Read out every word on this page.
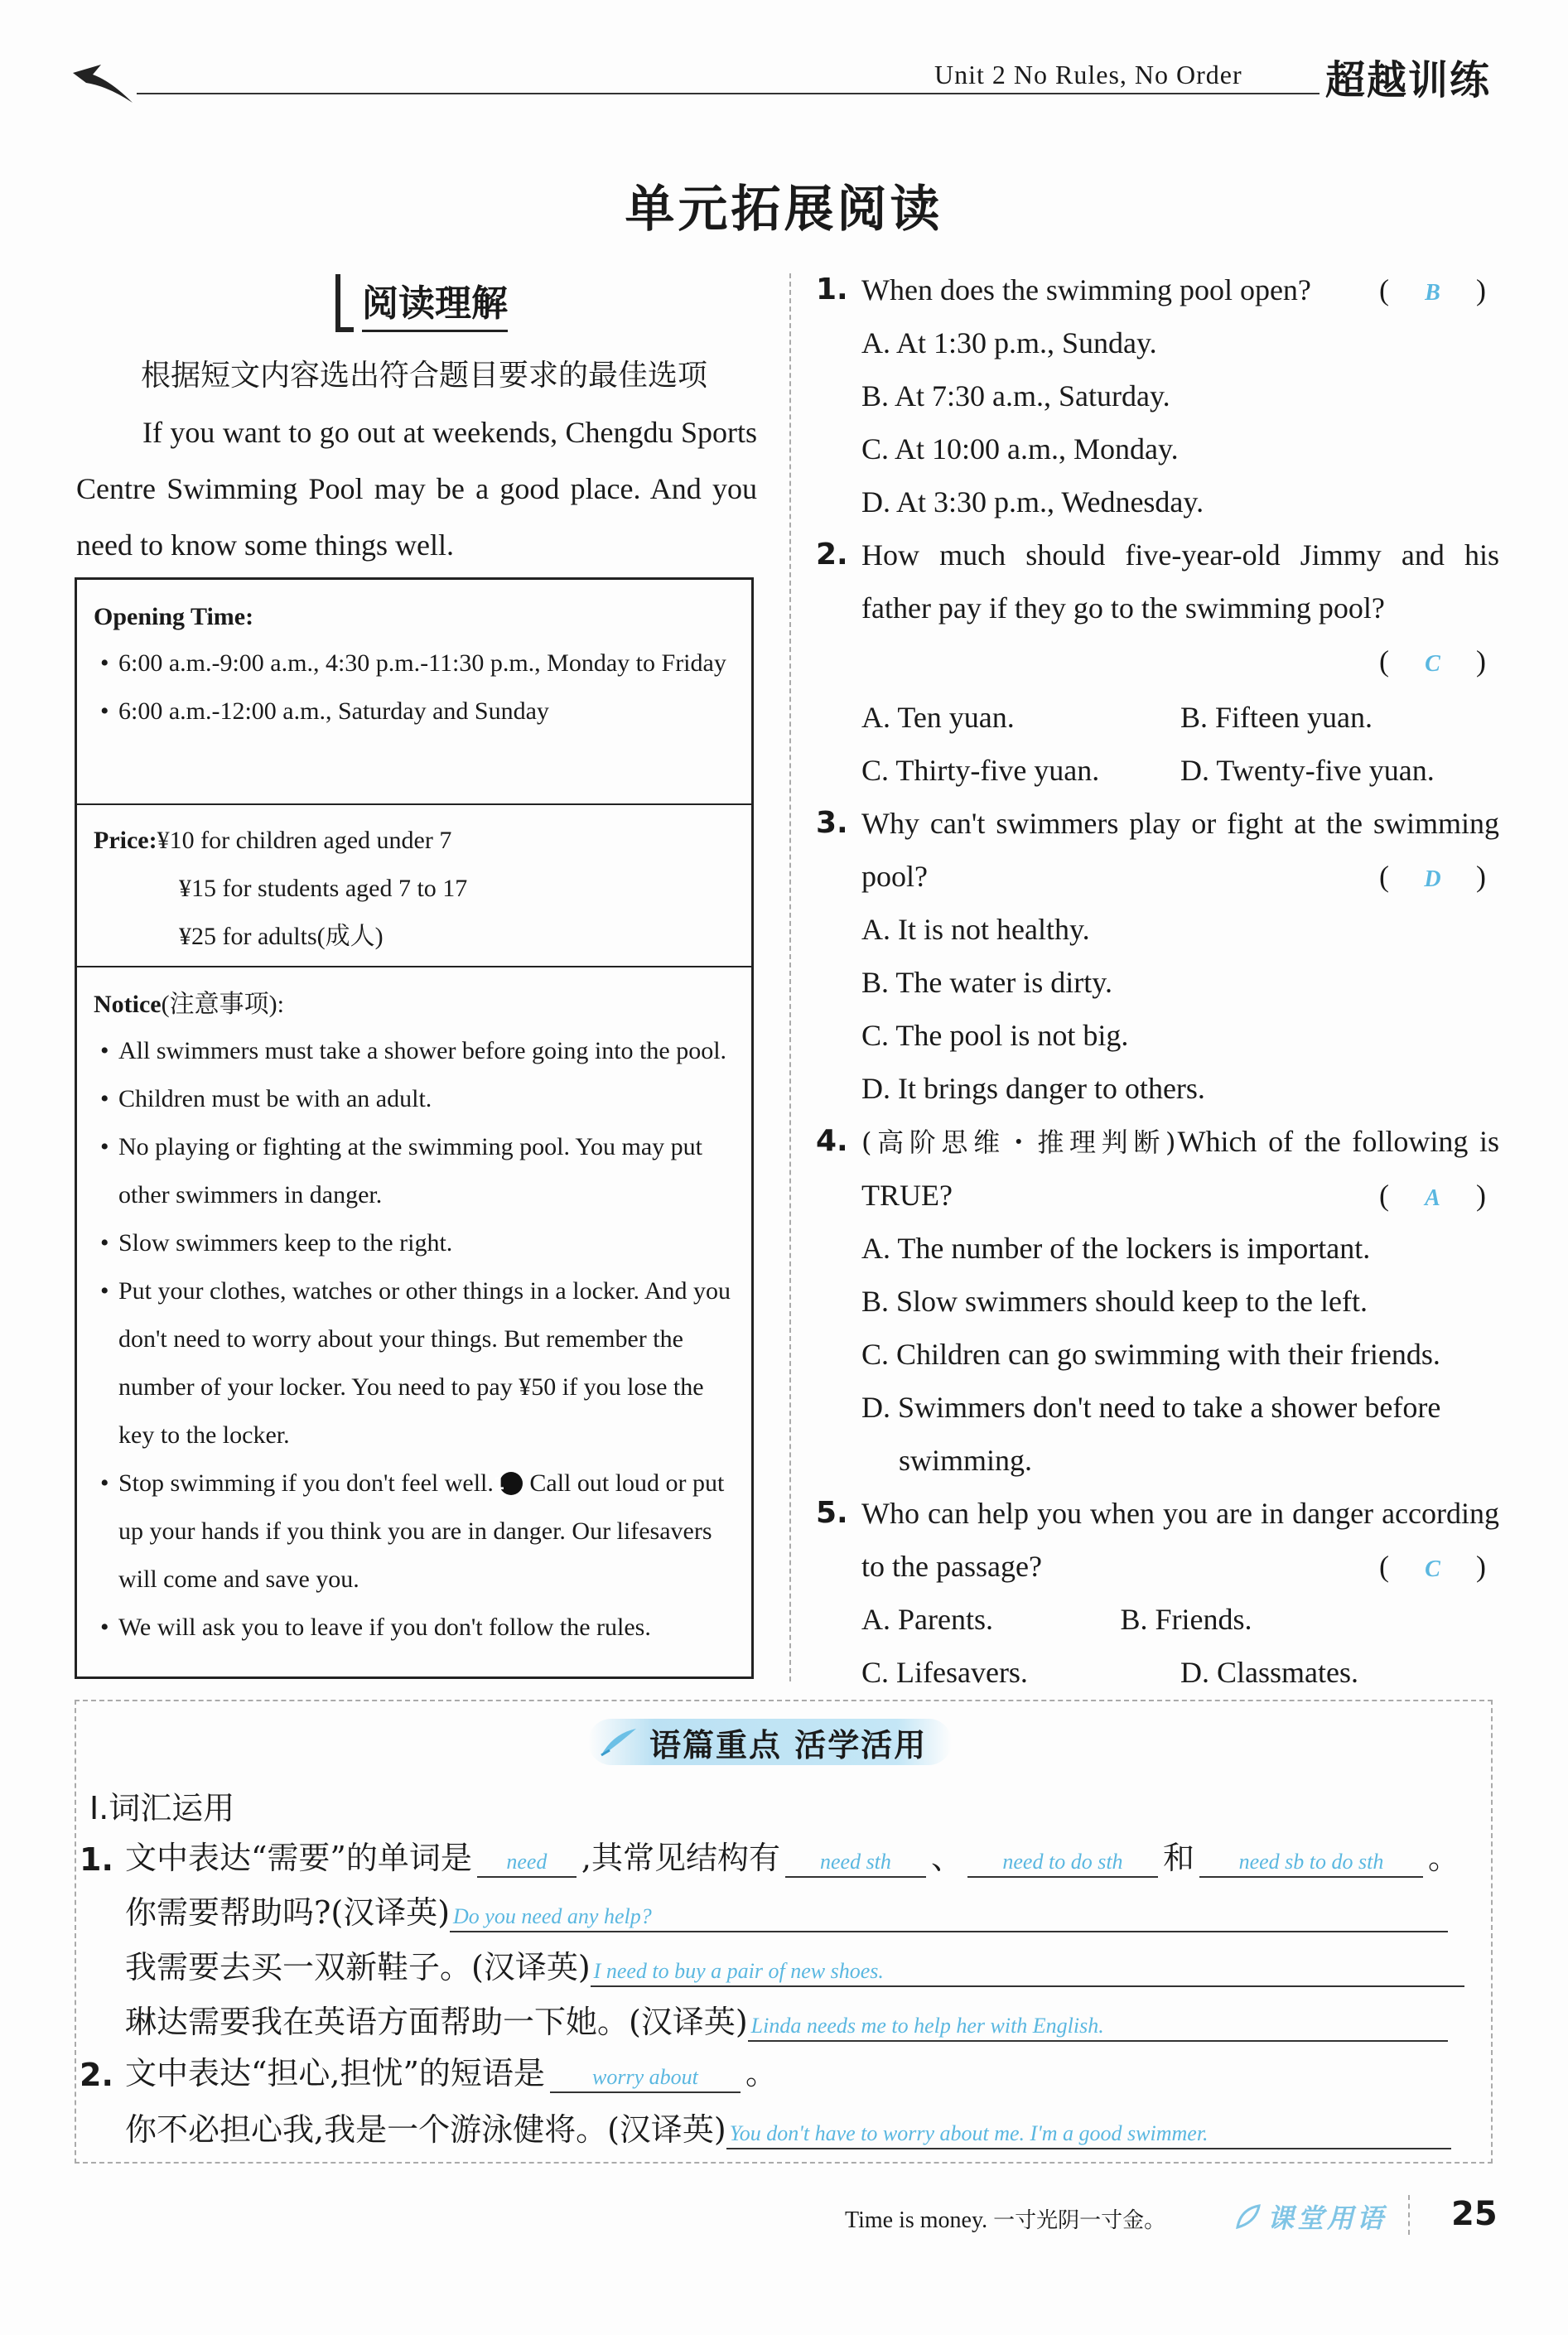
Unit 2 No Rules, No Order 超越训练
单元拓展阅读
阅读理解
根据短文内容选出符合题目要求的最佳选项
If you want to go out at weekends, Chengdu Sports Centre Swimming Pool may be a good place. And you need to know some things well.
Opening Time:
• 6:00 a.m.-9:00 a.m., 4:30 p.m.-11:30 p.m., Monday to Friday
• 6:00 a.m.-12:00 a.m., Saturday and Sunday
Price:¥10 for children aged under 7
¥15 for students aged 7 to 17
¥25 for adults(成人)
Notice(注意事项):
• All swimmers must take a shower before going into the pool.
• Children must be with an adult.
• No playing or fighting at the swimming pool. You may put other swimmers in danger.
• Slow swimmers keep to the right.
• Put your clothes, watches or other things in a locker. And you don't need to worry about your things. But remember the number of your locker. You need to pay ¥50 if you lose the key to the locker.
• Stop swimming if you don't feel well. 1 Call out loud or put up your hands if you think you are in danger. Our lifesavers will come and save you.
• We will ask you to leave if you don't follow the rules.
1. When does the swimming pool open? ( B )
A. At 1:30 p.m., Sunday.
B. At 7:30 a.m., Saturday.
C. At 10:00 a.m., Monday.
D. At 3:30 p.m., Wednesday.
2. How much should five-year-old Jimmy and his father pay if they go to the swimming pool?
( C )
A. Ten yuan.	B. Fifteen yuan.
C. Thirty-five yuan.	D. Twenty-five yuan.
3. Why can't swimmers play or fight at the swimming pool?	( D )
A. It is not healthy.
B. The water is dirty.
C. The pool is not big.
D. It brings danger to others.
4. (高阶思维・推理判断)Which of the following is TRUE?	( A )
A. The number of the lockers is important.
B. Slow swimmers should keep to the left.
C. Children can go swimming with their friends.
D. Swimmers don't need to take a shower before swimming.
5. Who can help you when you are in danger according to the passage?	( C )
A. Parents.	B. Friends.
C. Lifesavers.	D. Classmates.
语篇重点 活学活用
Ⅰ.词汇运用
1. 文中表达“需要”的单词是	need	,其常见结构有	need sth	、	need to do sth	和	need sb to do sth	。
你需要帮助吗?(汉译英) Do you need any help?
我需要去买一双新鞋子。(汉译英) I need to buy a pair of new shoes.
琳达需要我在英语方面帮助一下她。(汉译英) Linda needs me to help her with English.
2. 文中表达“担心,担忧”的短语是	worry about	。
你不必担心我,我是一个游泳健将。(汉译英) You don't have to worry about me. I'm a good swimmer.
Time is money. 一寸光阴一寸金。	课堂用语 25
